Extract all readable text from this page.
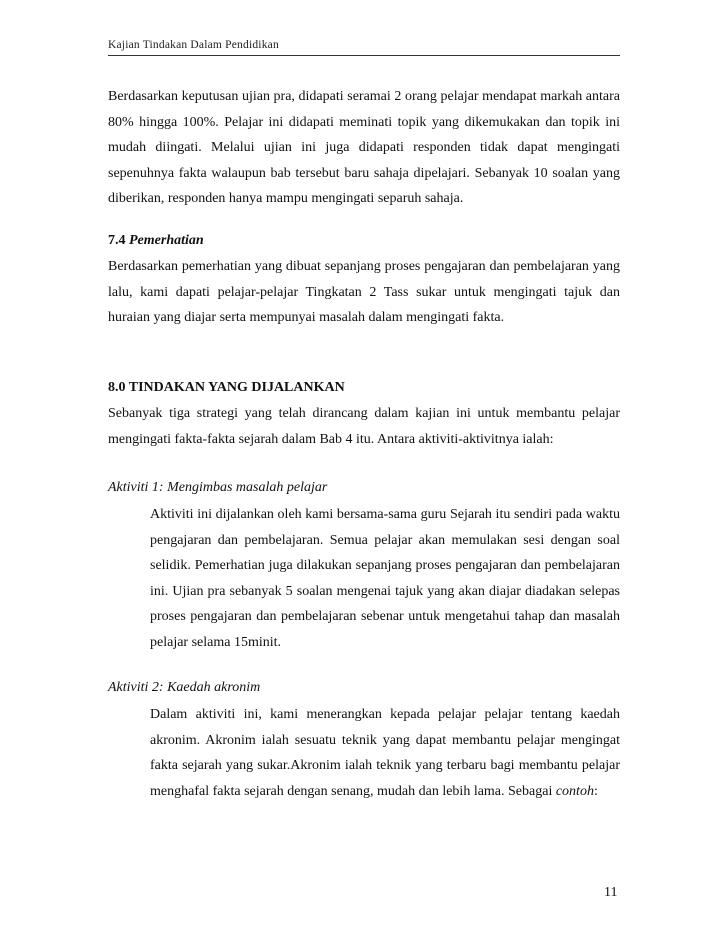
Kajian Tindakan Dalam Pendidikan

Berdasarkan keputusan ujian pra, didapati seramai 2 orang pelajar mendapat markah antara 80% hingga 100%. Pelajar ini didapati meminati topik yang dikemukakan dan topik ini mudah diingati. Melalui ujian ini juga didapati responden tidak dapat mengingati sepenuhnya fakta walaupun bab tersebut baru sahaja dipelajari. Sebanyak 10 soalan yang diberikan, responden hanya mampu mengingati separuh sahaja.

7.4 Pemerhatian

Berdasarkan pemerhatian yang dibuat sepanjang proses pengajaran dan pembelajaran yang lalu, kami dapati pelajar-pelajar Tingkatan 2 Tass sukar untuk mengingati tajuk dan huraian yang diajar serta mempunyai masalah dalam mengingati fakta.

8.0 TINDAKAN YANG DIJALANKAN

Sebanyak tiga strategi yang telah dirancang dalam kajian ini untuk membantu pelajar mengingati fakta-fakta sejarah dalam Bab 4 itu. Antara aktiviti-aktivitnya ialah:

Aktiviti 1: Mengimbas masalah pelajar

Aktiviti ini dijalankan oleh kami bersama-sama guru Sejarah itu sendiri pada waktu pengajaran dan pembelajaran. Semua pelajar akan memulakan sesi dengan soal selidik. Pemerhatian juga dilakukan sepanjang proses pengajaran dan pembelajaran ini. Ujian pra sebanyak 5 soalan mengenai tajuk yang akan diajar diadakan selepas proses pengajaran dan pembelajaran sebenar untuk mengetahui tahap dan masalah pelajar selama 15minit.

Aktiviti 2: Kaedah akronim

Dalam aktiviti ini, kami menerangkan kepada pelajar pelajar tentang kaedah akronim. Akronim ialah sesuatu teknik yang dapat membantu pelajar mengingat fakta sejarah yang sukar.Akronim ialah teknik yang terbaru bagi membantu pelajar menghafal fakta sejarah dengan senang, mudah dan lebih lama. Sebagai contoh:

11
